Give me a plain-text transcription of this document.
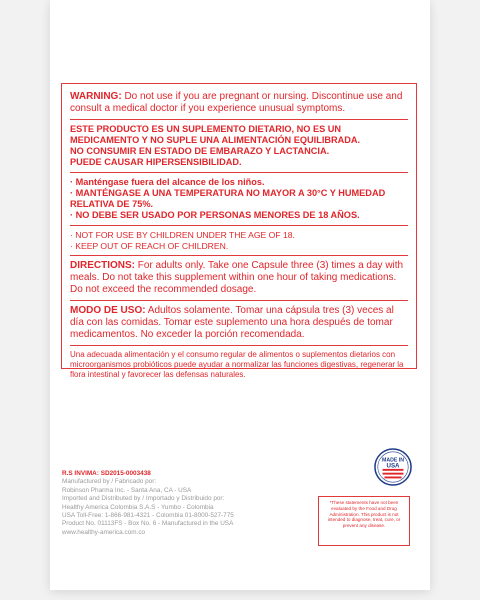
WARNING: Do not use if you are pregnant or nursing. Discontinue use and consult a medical doctor if you experience unusual symptoms.
ESTE PRODUCTO ES UN SUPLEMENTO DIETARIO, NO ES UN MEDICAMENTO Y NO SUPLE UNA ALIMENTACIÓN EQUILIBRADA.
NO CONSUMIR EN ESTADO DE EMBARAZO Y LACTANCIA.
PUEDE CAUSAR HIPERSENSIBILIDAD.
· Manténgase fuera del alcance de los niños.
· MANTÉNGASE A UNA TEMPERATURA NO MAYOR A 30°C Y HUMEDAD RELATIVA DE 75%.
· NO DEBE SER USADO POR PERSONAS MENORES DE 18 AÑOS.
· NOT FOR USE BY CHILDREN UNDER THE AGE OF 18.
· KEEP OUT OF REACH OF CHILDREN.
DIRECTIONS: For adults only. Take one Capsule three (3) times a day with meals. Do not take this supplement within one hour of taking medications. Do not exceed the recommended dosage.
MODO DE USO: Adultos solamente. Tomar una cápsula tres (3) veces al día con las comidas. Tomar este suplemento una hora después de tomar medicamentos. No exceder la porción recomendada.
Una adecuada alimentación y el consumo regular de alimentos o suplementos dietarios con microorganismos probióticos puede ayudar a normalizar las funciones digestivas, regenerar la flora intestinal y favorecer las defensas naturales.
R.S INVIMA: SD2015-0003438
Manufactured by / Fabricado por:
Robinson Pharma Inc. - Santa Ana, CA - USA
Imported and Distributed by / Importado y Distribuido por:
Healthy America Colombia S.A.S - Yumbo - Colombia
USA Toll-Free: 1-866-981-4321 - Colombia 01-8000-527-775
Product No. 01113FS - Box No. 6 - Manufactured in the USA
www.healthy-america.com.co
MADE IN
USA
*These statements have not been evaluated by the Food and Drug Administration. This product is not intended to diagnose, treat, cure, or prevent any disease.
